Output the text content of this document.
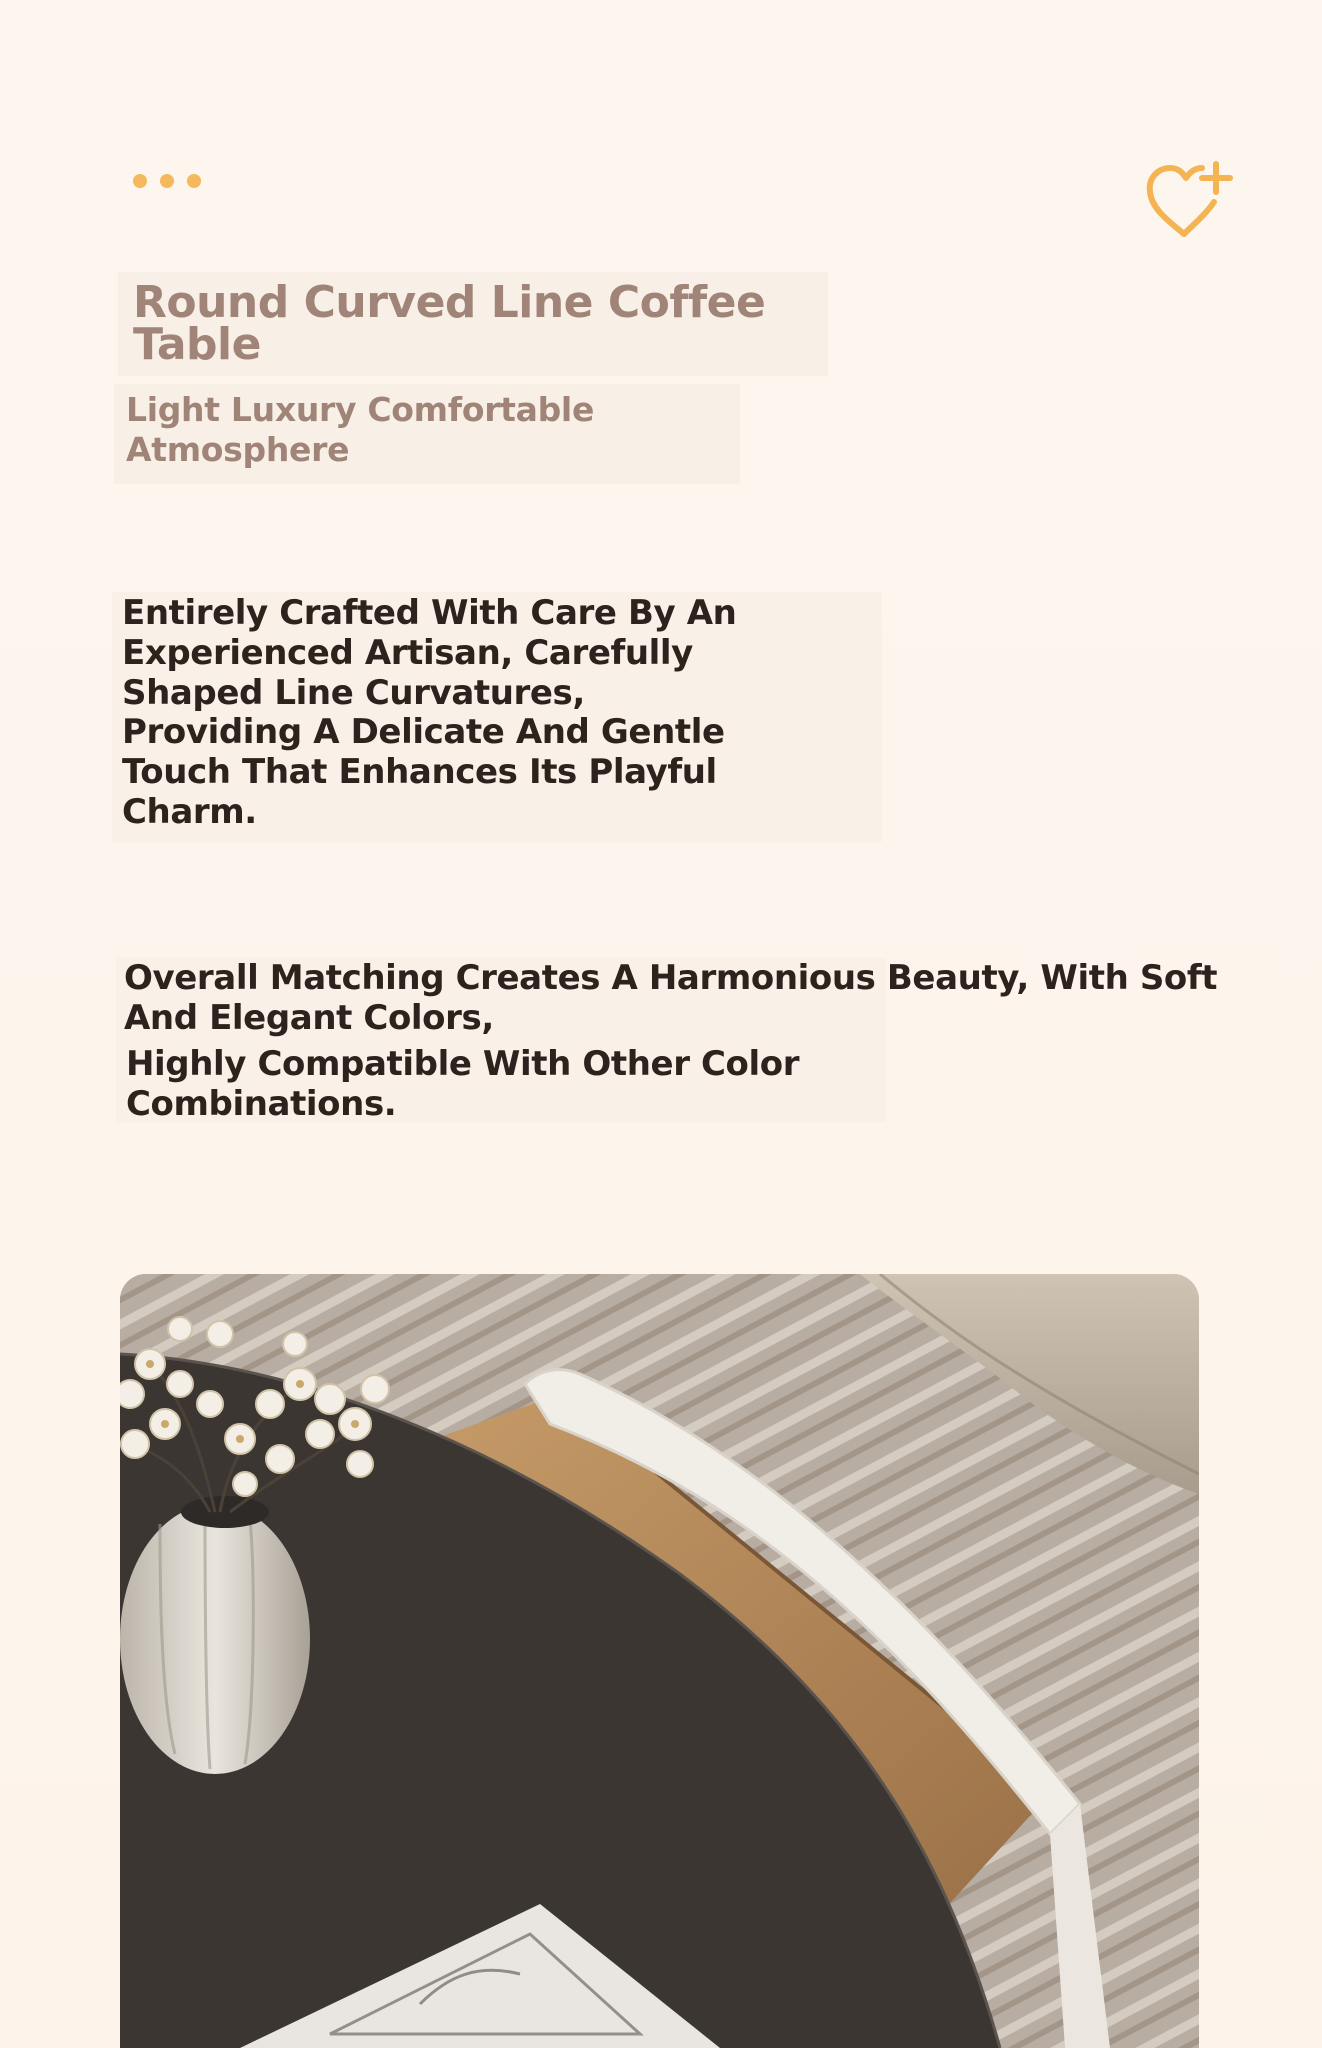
Round Curved Line Coffee Table
Light Luxury Comfortable Atmosphere

Entirely Crafted With Care By An Experienced Artisan, Carefully Shaped Line Curvatures, Providing A Delicate And Gentle Touch That Enhances Its Playful Charm.

Overall Matching Creates A Harmonious Beauty, With Soft And Elegant Colors,

Highly Compatible With Other Color Combinations.
